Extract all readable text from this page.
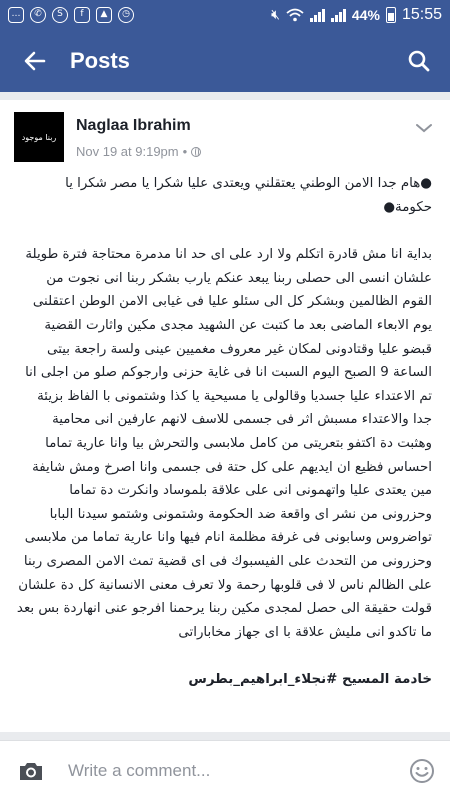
…	✆	S	f	▲	◷	🔇︎	44% 15:55
Posts
ربنا موجود
Naglaa Ibrahim
Nov 19 at 9:19pm •

●هام جدا الامن الوطني يعتقلني ويعتدى عليا شكرا يا مصر شكرا يا حكومة●

بداية انا مش قادرة اتكلم ولا ارد على اى حد انا مدمرة محتاجة فترة طويلة علشان انسى الى حصلى ربنا يبعد عنكم يارب بشكر ربنا انى نجوت من القوم الظالمين وبشكر كل الى سئلو عليا فى غيابى الامن الوطن اعتقلنى يوم الابعاء الماضى بعد ما كتبت عن الشهيد مجدى مكين واثارت القضية قبضو عليا وقتادونى لمكان غير معروف مغميين عينى ولسة راجعة بيتى الساعة 9 الصبح اليوم السبت انا فى غاية حزنى وارجوكم صلو من اجلى انا تم الاعتداء عليا جسديا وقالولى يا مسيحية يا كذا وشتمونى با الفاظ بزيئة جدا والاعتداء مسبش اثر فى جسمى للاسف لانهم عارفين انى محامية وهثبت دة اكتفو بتعريتى من كامل ملابسى والتحرش بيا وانا عارية تماما احساس فظيع ان ايديهم على كل حتة فى جسمى وانا اصرخ ومش شايفة مين يعتدى عليا واتهمونى انى على علاقة بلموساد وانكرت دة تماما وحزرونى من نشر اى واقعة ضد الحكومة وشتمونى وشتمو سيدنا البابا تواضروس وسابونى فى غرفة مظلمة انام فيها وانا عارية تماما من ملابسى وحزرونى من التحدث على الفيسبوك فى اى قضية تمث الامن المصرى ربنا على الظالم ناس لا فى قلوبها رحمة ولا تعرف معنى الانسانية كل دة علشان قولت حقيقة الى حصل لمجدى مكين ربنا يرحمنا افرجو عنى انهاردة بس بعد ما تاكدو انى مليش علاقة با اى جهاز مخاباراتى

خادمة المسيح #نجلاء_ابراهيم_بطرس

Write a comment...
